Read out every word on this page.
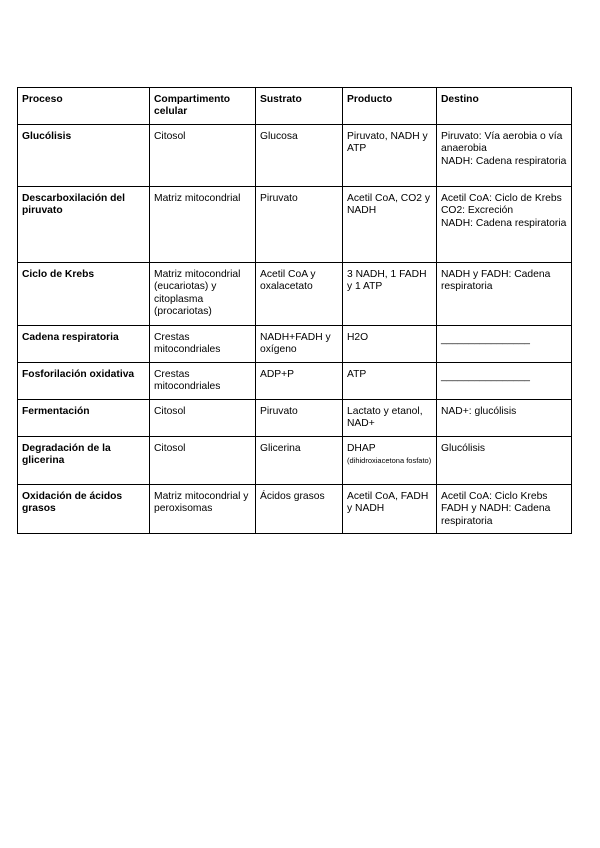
Proceso	Compartimento celular	Sustrato	Producto	Destino
Glucólisis	Citosol	Glucosa	Piruvato, NADH y ATP	Piruvato: Vía aerobia o vía anaerobia
NADH: Cadena respiratoria

Descarboxilación del piruvato	Matriz mitocondrial	Piruvato	Acetil CoA, CO2 y NADH	Acetil CoA: Ciclo de Krebs
CO2: Excreción
NADH: Cadena respiratoria

Ciclo de Krebs	Matriz mitocondrial (eucariotas) y citoplasma (procariotas)	Acetil CoA y oxalacetato	3 NADH, 1 FADH y 1 ATP	NADH y FADH: Cadena respiratoria

Cadena respiratoria	Crestas mitocondriales	NADH+FADH y oxígeno	H2O	________________

Fosforilación oxidativa	Crestas mitocondriales	ADP+P	ATP	________________

Fermentación	Citosol	Piruvato	Lactato y etanol, NAD+	NAD+: glucólisis

Degradación de la glicerina	Citosol	Glicerina	DHAP
(dihidroxiacetona fosfato)	Glucólisis

Oxidación de ácidos grasos	Matriz mitocondrial y peroxisomas	Ácidos grasos	Acetil CoA, FADH y NADH	Acetil CoA: Ciclo Krebs
FADH y NADH: Cadena respiratoria
